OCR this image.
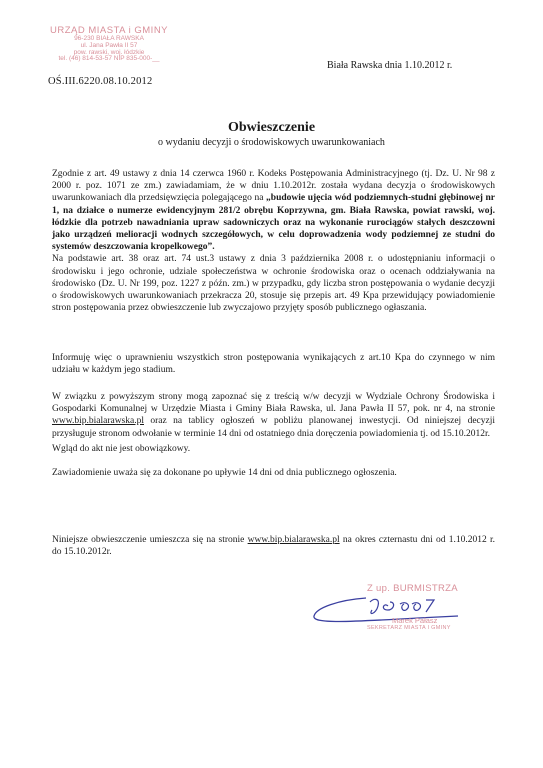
URZĄD MIASTA i GMINY
96-230 BIAŁA RAWSKA
ul. Jana Pawła II 57
pow. rawski, woj. łódzkie
tel. (46) 814-53-57 NIP 835-000-__
OŚ.III.6220.08.10.2012
Biała Rawska dnia 1.10.2012 r.
Obwieszczenie
o wydaniu decyzji o środowiskowych uwarunkowaniach

Zgodnie z art. 49 ustawy z dnia 14 czerwca 1960 r. Kodeks Postępowania Administracyjnego (tj. Dz. U. Nr 98 z 2000 r. poz. 1071 ze zm.) zawiadamiam, że w dniu 1.10.2012r. została wydana decyzja o środowiskowych uwarunkowaniach dla przedsięwzięcia polegającego na „budowie ujęcia wód podziemnych-studni głębinowej nr 1, na działce o numerze ewidencyjnym 281/2 obrębu Koprzywna, gm. Biała Rawska, powiat rawski, woj. łódzkie dla potrzeb nawadniania upraw sadowniczych oraz na wykonanie rurociągów stałych deszczowni jako urządzeń melioracji wodnych szczegółowych, w celu doprowadzenia wody podziemnej ze studni do systemów deszczowania kropelkowego”.

Na podstawie art. 38 oraz art. 74 ust.3 ustawy z dnia 3 października 2008 r. o udostępnianiu informacji o środowisku i jego ochronie, udziale społeczeństwa w ochronie środowiska oraz o ocenach oddziaływania na środowisko (Dz. U. Nr 199, poz. 1227 z późn. zm.) w przypadku, gdy liczba stron postępowania o wydanie decyzji o środowiskowych uwarunkowaniach przekracza 20, stosuje się przepis art. 49 Kpa przewidujący powiadomienie stron postępowania przez obwieszczenie lub zwyczajowo przyjęty sposób publicznego ogłaszania.

Informuję więc o uprawnieniu wszystkich stron postępowania wynikających z art.10 Kpa do czynnego w nim udziału w każdym jego stadium.
W związku z powyższym strony mogą zapoznać się z treścią w/w decyzji w Wydziale Ochrony Środowiska i Gospodarki Komunalnej w Urzędzie Miasta i Gminy Biała Rawska, ul. Jana Pawła II 57, pok. nr 4, na stronie www.bip.bialarawska.pl oraz na tablicy ogłoszeń w pobliżu planowanej inwestycji. Od niniejszej decyzji przysługuje stronom odwołanie w terminie 14 dni od ostatniego dnia doręczenia powiadomienia tj. od 15.10.2012r.
Wgląd do akt nie jest obowiązkowy.
Zawiadomienie uważa się za dokonane po upływie 14 dni od dnia publicznego ogłoszenia.
Niniejsze obwieszczenie umieszcza się na stronie www.bip.bialarawska.pl na okres czternastu dni od 1.10.2012 r. do 15.10.2012r.
Z up. BURMISTRZA
Marek Pałasz
SEKRETARZ MIASTA I GMINY
